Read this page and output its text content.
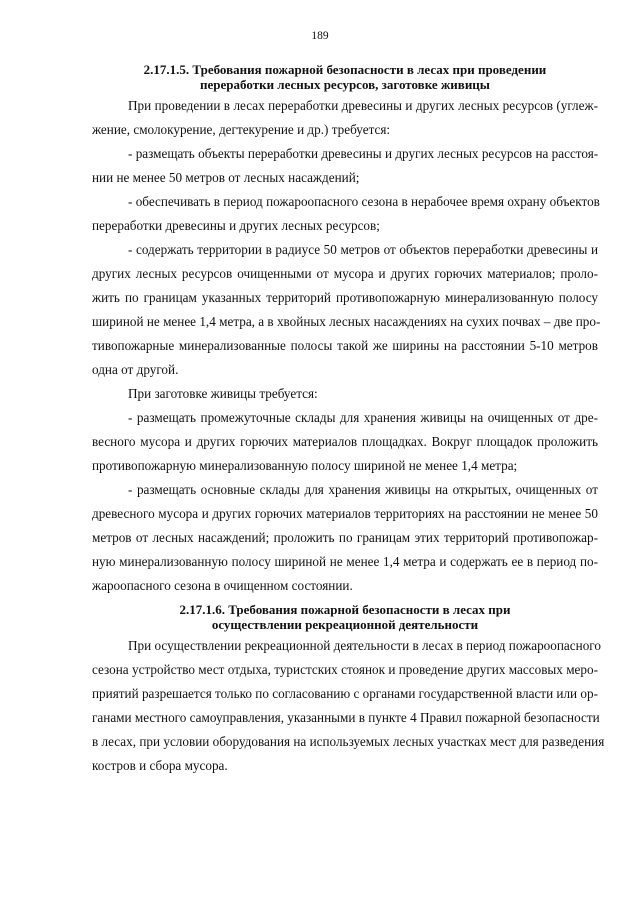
189
2.17.1.5. Требования пожарной безопасности в лесах при проведении
переработки лесных ресурсов, заготовке живицы
При проведении в лесах переработки древесины и других лесных ресурсов (углеж-
жение, смолокурение, дегтекурение и др.) требуется:
- размещать объекты переработки древесины и других лесных ресурсов на расстоя-
нии не менее 50 метров от лесных насаждений;
- обеспечивать в период пожароопасного сезона в нерабочее время охрану объектов
переработки древесины и других лесных ресурсов;
- содержать территории в радиусе 50 метров от объектов переработки древесины и
других лесных ресурсов очищенными от мусора и других горючих материалов; проло-
жить по границам указанных территорий противопожарную минерализованную полосу
шириной не менее 1,4 метра, а в хвойных лесных насаждениях на сухих почвах – две про-
тивопожарные минерализованные полосы такой же ширины на расстоянии 5-10 метров
одна от другой.
При заготовке живицы требуется:
- размещать промежуточные склады для хранения живицы на очищенных от дре-
весного мусора и других горючих материалов площадках. Вокруг площадок проложить
противопожарную минерализованную полосу шириной не менее 1,4 метра;
- размещать основные склады для хранения живицы на открытых, очищенных от
древесного мусора и других горючих материалов территориях на расстоянии не менее 50
метров от лесных насаждений; проложить по границам этих территорий противопожар-
ную минерализованную полосу шириной не менее 1,4 метра и содержать ее в период по-
жароопасного сезона в очищенном состоянии.
2.17.1.6. Требования пожарной безопасности в лесах при
осуществлении рекреационной деятельности
При осуществлении рекреационной деятельности в лесах в период пожароопасного
сезона устройство мест отдыха, туристских стоянок и проведение других массовых меро-
приятий разрешается только по согласованию с органами государственной власти или ор-
ганами местного самоуправления, указанными в пункте 4 Правил пожарной безопасности
в лесах, при условии оборудования на используемых лесных участках мест для разведения
костров и сбора мусора.
